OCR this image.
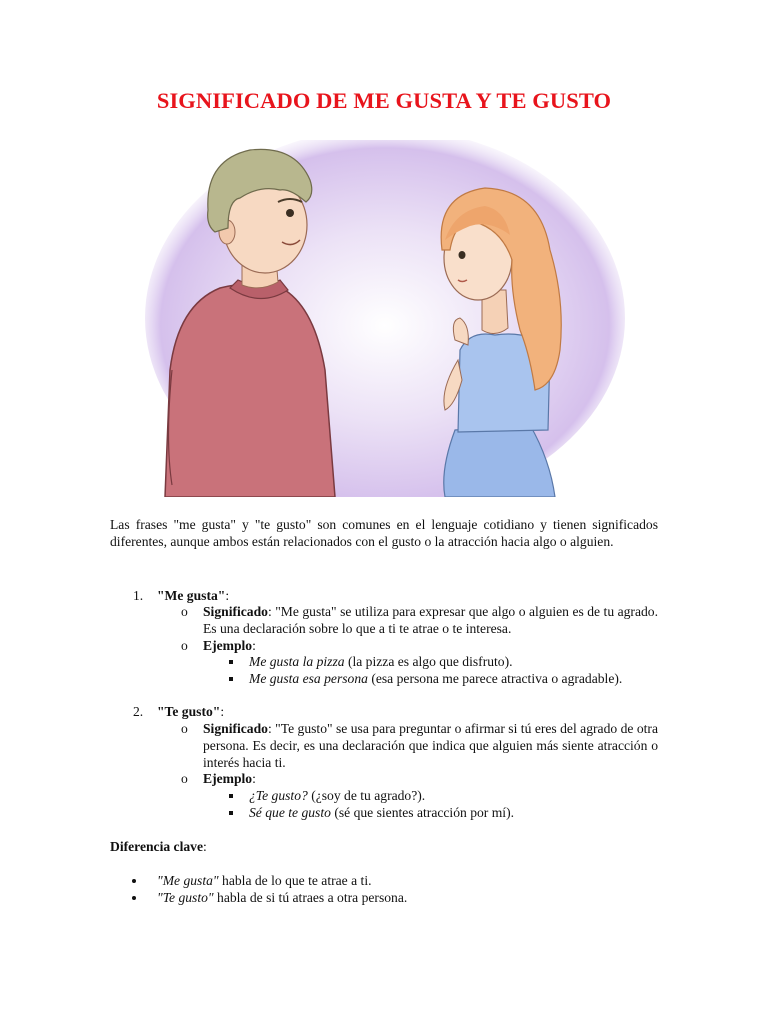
SIGNIFICADO DE ME GUSTA Y TE GUSTO
Las frases "me gusta" y "te gusto" son comunes en el lenguaje cotidiano y tienen significados diferentes, aunque ambos están relacionados con el gusto o la atracción hacia algo o alguien.
1. "Me gusta":
o Significado: "Me gusta" se utiliza para expresar que algo o alguien es de tu agrado. Es una declaración sobre lo que a ti te atrae o te interesa.
o Ejemplo:
Me gusta la pizza (la pizza es algo que disfruto).
Me gusta esa persona (esa persona me parece atractiva o agradable).
2. "Te gusto":
o Significado: "Te gusto" se usa para preguntar o afirmar si tú eres del agrado de otra persona. Es decir, es una declaración que indica que alguien más siente atracción o interés hacia ti.
o Ejemplo:
¿Te gusto? (¿soy de tu agrado?).
Sé que te gusto (sé que sientes atracción por mí).
Diferencia clave:
"Me gusta" habla de lo que te atrae a ti.
"Te gusto" habla de si tú atraes a otra persona.
